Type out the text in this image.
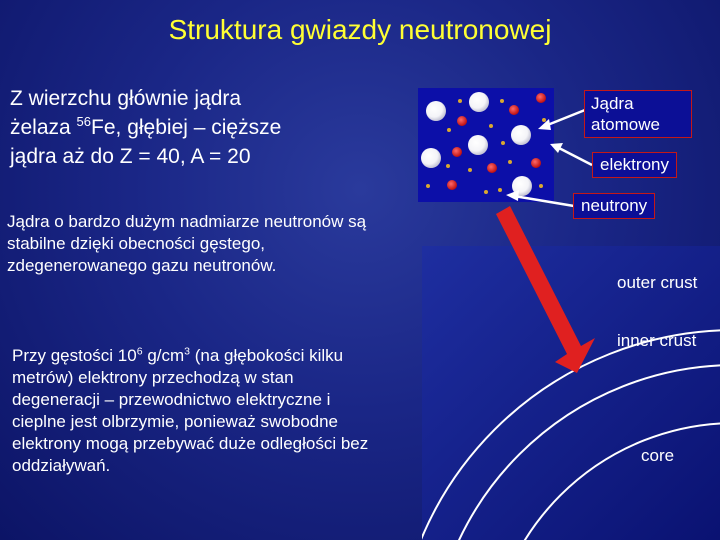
Struktura gwiazdy neutronowej
Z wierzchu głównie jądra
żelaza $^{56}$Fe, głębiej – cięższe
jądra aż do Z = 40, A = 20
Jądra o bardzo dużym nadmiarze neutronów są stabilne dzięki obecności gęstego, zdegenerowanego gazu neutronów.
Przy gęstości $10^6$ $g/cm^3$ (na głębokości kilku metrów) elektrony przechodzą w stan degeneracji – przewodnictwo elektryczne i cieplne jest olbrzymie, ponieważ swobodne elektrony mogą przebywać duże odległości bez oddziaływań.
Jądra atomowe
elektrony
neutrony
outer crust
inner crust
core
